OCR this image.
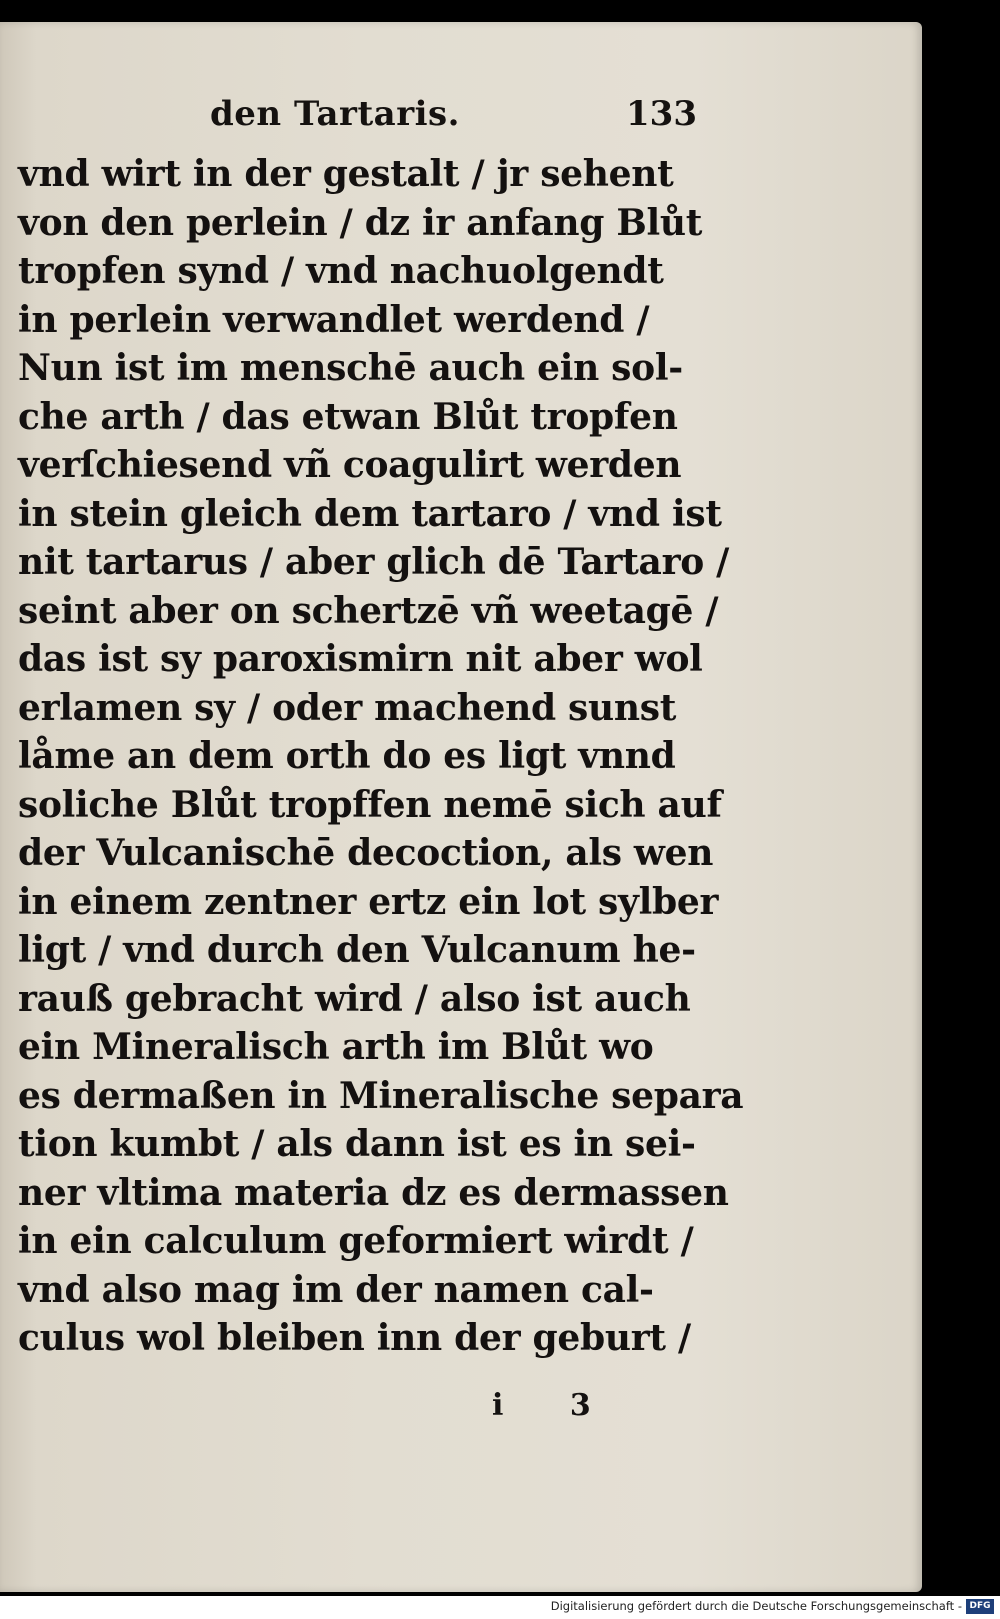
den Tartaris.	133
vnd wirt in der gestalt / jr sehent
von den perlein / dz ir anfang Blůt
tropfen synd / vnd nachuolgendt
in perlein verwandlet werdend /
Nun ist im menschē auch ein sol-
che arth / das etwan Blůt tropfen
verſchiesend vñ coagulirt werden
in stein gleich dem tartaro / vnd ist
nit tartarus / aber glich dē Tartaro /
seint aber on schertzē vñ weetagē /
das ist sy paroxismirn nit aber wol
erlamen sy / oder machend sunst
låme an dem orth do es ligt vnnd
soliche Blůt tropffen nemē sich auf
der Vulcanischē decoction, als wen
in einem zentner ertz ein lot sylber
ligt / vnd durch den Vulcanum he-
rauß gebracht wird / also ist auch
ein Mineralisch arth im Blůt wo
es dermaßen in Mineralische separa
tion kumbt / als dann ist es in sei-
ner vltima materia dz es dermassen
in ein calculum geformiert wirdt /
vnd also mag im der namen cal-
culus wol bleiben inn der geburt /
i 3
Digitalisierung gefördert durch die Deutsche Forschungsgemeinschaft - DFG
